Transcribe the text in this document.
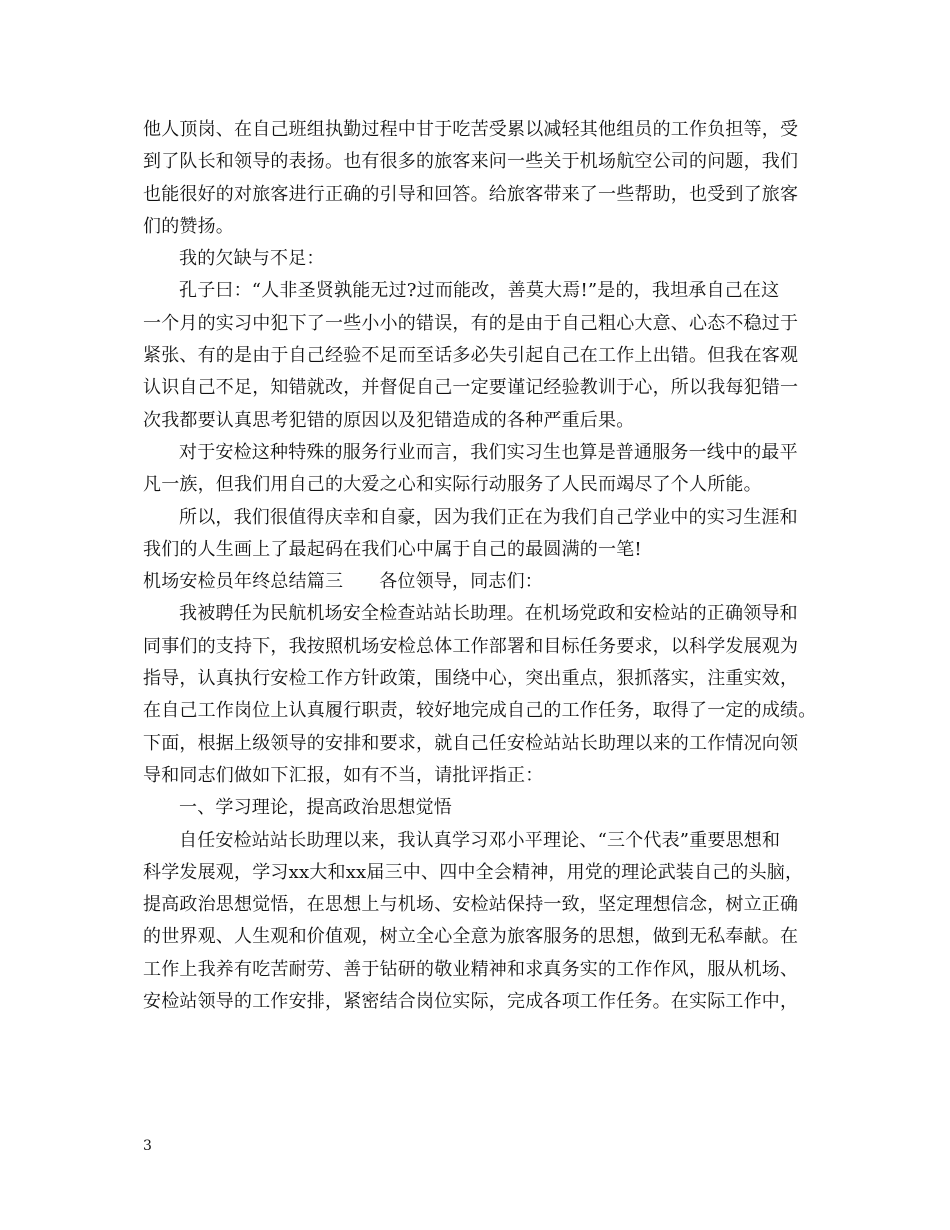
他人顶岗、在自己班组执勤过程中甘于吃苦受累以减轻其他组员的工作负担等，受
到了队长和领导的表扬。也有很多的旅客来问一些关于机场航空公司的问题，我们
也能很好的对旅客进行正确的引导和回答。给旅客带来了一些帮助，也受到了旅客
们的赞扬。
我的欠缺与不足：
孔子曰：“人非圣贤孰能无过?过而能改，善莫大焉!”是的，我坦承自己在这
一个月的实习中犯下了一些小小的错误，有的是由于自己粗心大意、心态不稳过于
紧张、有的是由于自己经验不足而至话多必失引起自己在工作上出错。但我在客观
认识自己不足，知错就改，并督促自己一定要谨记经验教训于心，所以我每犯错一
次我都要认真思考犯错的原因以及犯错造成的各种严重后果。
对于安检这种特殊的服务行业而言，我们实习生也算是普通服务一线中的最平
凡一族，但我们用自己的大爱之心和实际行动服务了人民而竭尽了个人所能。
所以，我们很值得庆幸和自豪，因为我们正在为我们自己学业中的实习生涯和
我们的人生画上了最起码在我们心中属于自己的最圆满的一笔!
机场安检员年终总结篇三 各位领导，同志们：
我被聘任为民航机场安全检查站站长助理。在机场党政和安检站的正确领导和
同事们的支持下，我按照机场安检总体工作部署和目标任务要求，以科学发展观为
指导，认真执行安检工作方针政策，围绕中心，突出重点，狠抓落实，注重实效，
在自己工作岗位上认真履行职责，较好地完成自己的工作任务，取得了一定的成绩。
下面，根据上级领导的安排和要求，就自己任安检站站长助理以来的工作情况向领
导和同志们做如下汇报，如有不当，请批评指正：
一、学习理论，提高政治思想觉悟
自任安检站站长助理以来，我认真学习邓小平理论、“三个代表”重要思想和
科学发展观，学习xx大和xx届三中、四中全会精神，用党的理论武装自己的头脑，
提高政治思想觉悟，在思想上与机场、安检站保持一致，坚定理想信念，树立正确
的世界观、人生观和价值观，树立全心全意为旅客服务的思想，做到无私奉献。在
工作上我养有吃苦耐劳、善于钻研的敬业精神和求真务实的工作作风，服从机场、
安检站领导的工作安排，紧密结合岗位实际，完成各项工作任务。在实际工作中，
3
